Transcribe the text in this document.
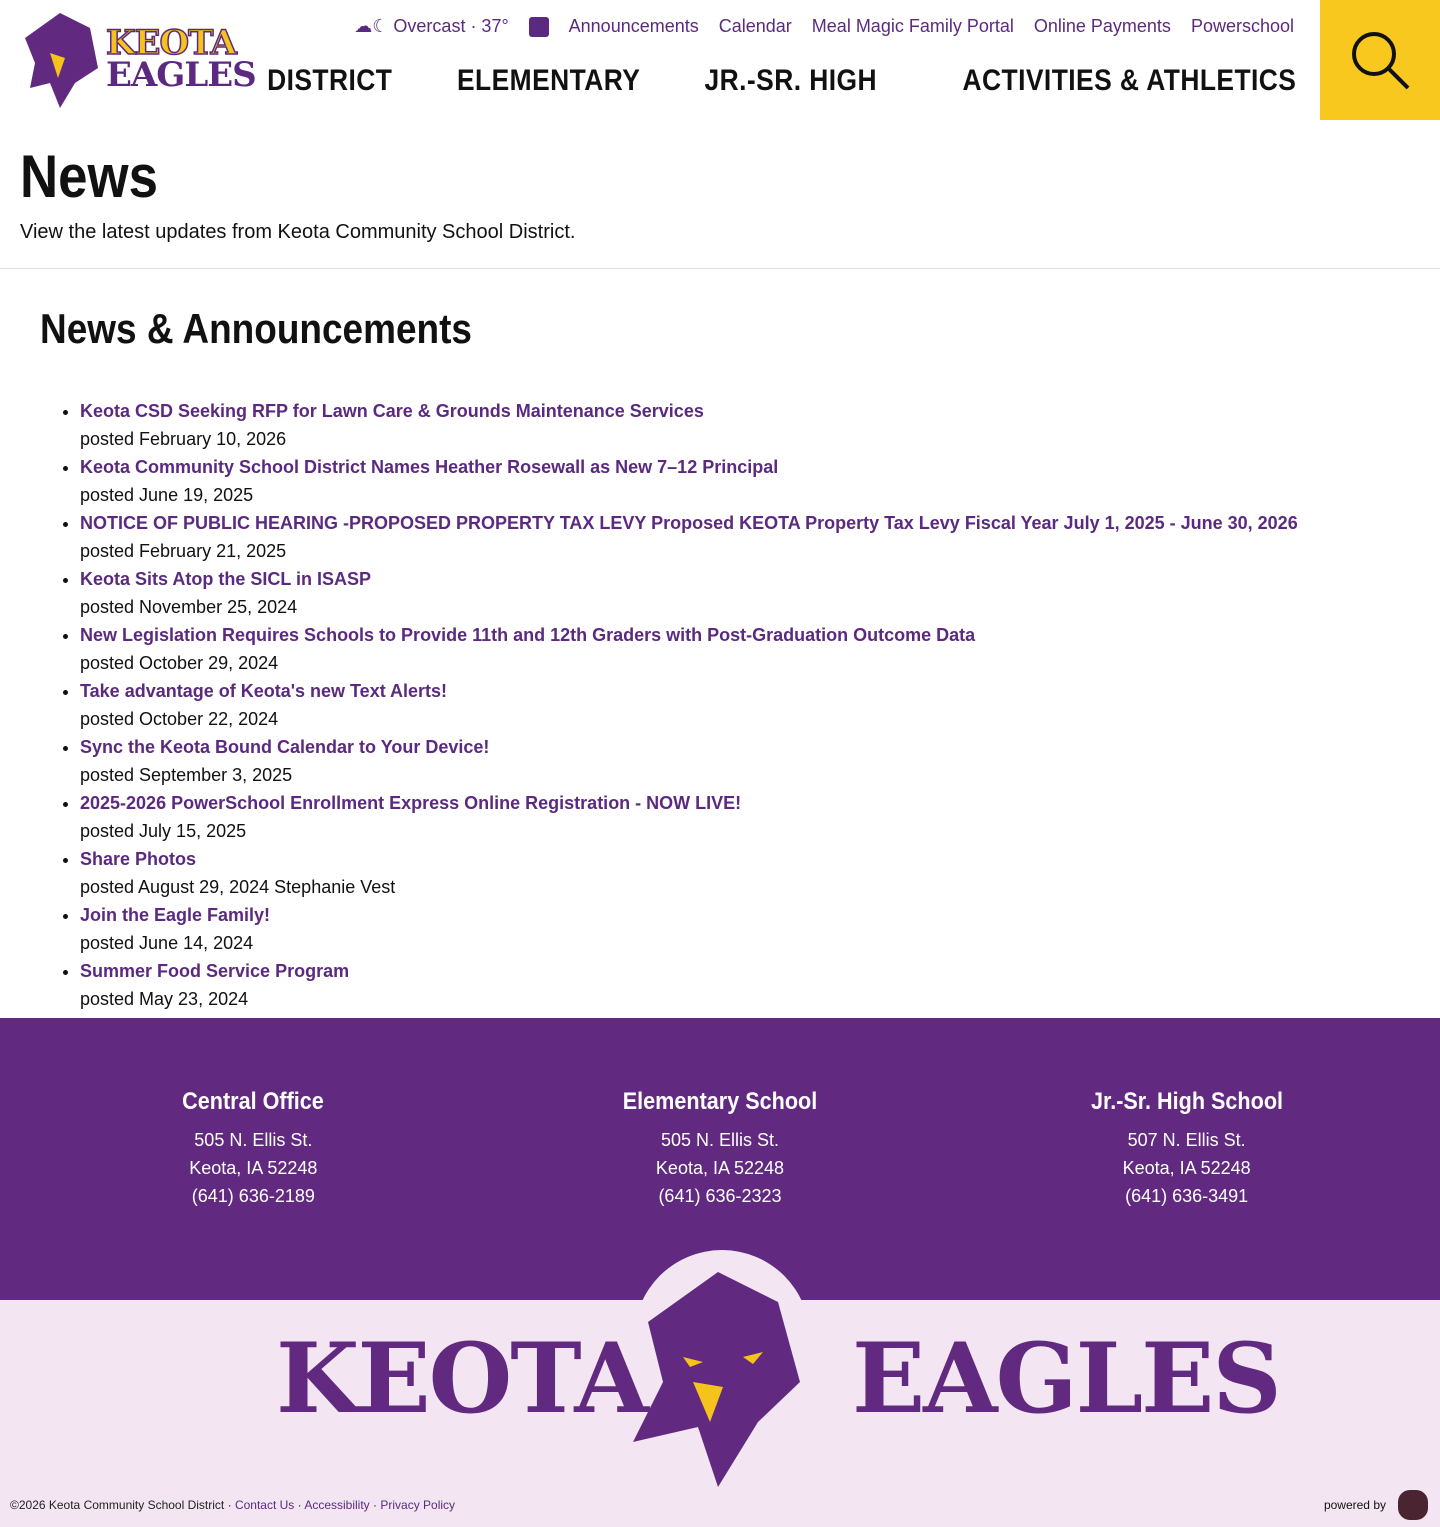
KEOTA
EAGLES
☁☾ Overcast · 37°	f	Announcements Calendar Meal Magic Family Portal Online Payments Powerschool
DISTRICT ELEMENTARY JR.-SR. HIGH	ACTIVITIES & ATHLETICS
News

View the latest updates from Keota Community School District.

News & Announcements
• Keota CSD Seeking RFP for Lawn Care & Grounds Maintenance Services
posted February 10, 2026
• Keota Community School District Names Heather Rosewall as New 7–12 Principal
posted June 19, 2025
• NOTICE OF PUBLIC HEARING -PROPOSED PROPERTY TAX LEVY Proposed KEOTA Property Tax Levy Fiscal Year July 1, 2025 - June 30, 2026
posted February 21, 2025
• Keota Sits Atop the SICL in ISASP
posted November 25, 2024
• New Legislation Requires Schools to Provide 11th and 12th Graders with Post-Graduation Outcome Data
posted October 29, 2024
• Take advantage of Keota's new Text Alerts!
posted October 22, 2024
• Sync the Keota Bound Calendar to Your Device!
posted September 3, 2025
• 2025-2026 PowerSchool Enrollment Express Online Registration - NOW LIVE!
posted July 15, 2025
• Share Photos
posted August 29, 2024 Stephanie Vest
• Join the Eagle Family!
posted June 14, 2024
• Summer Food Service Program
posted May 23, 2024
Central Office

505 N. Ellis St.

Keota, IA 52248

(641) 636-2189

Elementary School

505 N. Ellis St.

Keota, IA 52248

(641) 636-2323

Jr.-Sr. High School

507 N. Ellis St.

Keota, IA 52248

(641) 636-3491

KEOTA EAGLES
©2026 Keota Community School District · Contact Us · Accessibility · Privacy Policy	powered by
